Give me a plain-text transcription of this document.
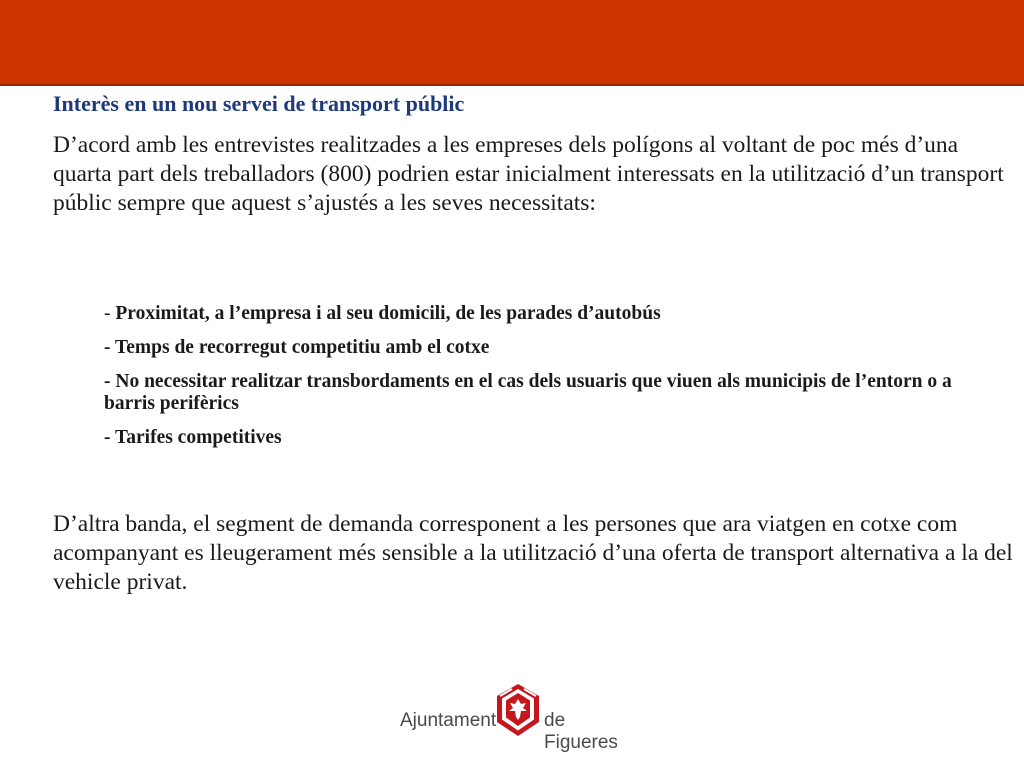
Interès en un nou servei de transport públic

D’acord amb les entrevistes realitzades a les empreses dels polígons al voltant de poc més d’una quarta part dels treballadors (800) podrien estar inicialment interessats en la utilització d’un transport públic sempre que aquest s’ajustés a les seves necessitats:

- Proximitat, a l’empresa i al seu domicili, de les parades d’autobús
- Temps de recorregut competitiu amb el cotxe
- No necessitar realitzar transbordaments en el cas dels usuaris que viuen als municipis de l’entorn o a barris perifèrics
- Tarifes competitives

D’altra banda, el segment de demanda corresponent a les persones que ara viatgen en cotxe com acompanyant es lleugerament més sensible a la utilització d’una oferta de transport alternativa a la del vehicle privat.

Ajuntament	de Figueres
